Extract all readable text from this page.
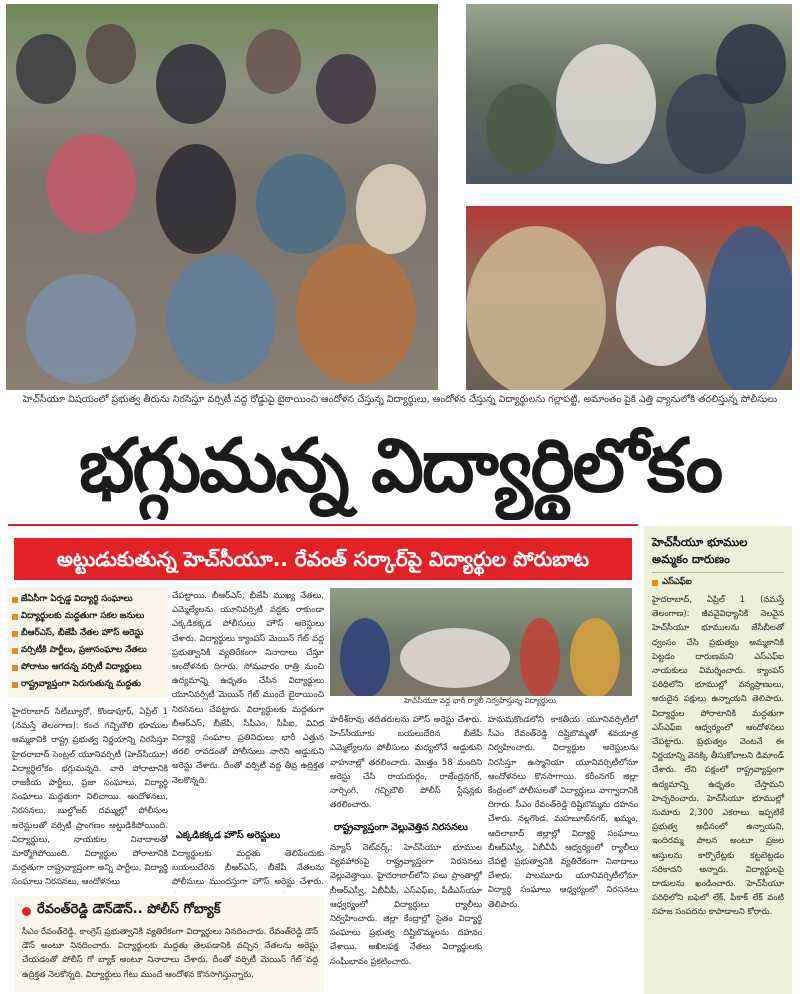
హెచ్‌సీయూ విషయంలో ప్రభుత్వ తీరును నిరసిస్తూ వర్సిటీ వద్ద రోడ్డుపై బైఠాయించి ఆందోళన చేస్తున్న విద్యార్థులు, ఆందోళన చేస్తున్న విద్యార్థులను గల్లాపట్టి, అమాంతం పైకి ఎత్తి వ్యానులోకి తరలిస్తున్న పోలీసులు
భగ్గుమన్న విద్యార్థిలోకం
అట్టుడుకుతున్న హెచ్‌సీయూ.. రేవంత్ సర్కార్‌పై విద్యార్థుల పోరుబాట
జేఏసీగా ఏర్పడ్డ విద్యార్థి సంఘాలు
విద్యార్థులకు మద్దతుగా సకల జనులు
బీఆర్‌ఎస్, బీజేపీ నేతల హౌస్ అరెస్టు
వర్సిటీకి పార్టీలు, ప్రజాసంఘాల నేతలు
పోరాటం ఆగదన్న వర్సిటీ విద్యార్థులు
రాష్ట్రవ్యాప్తంగా పెరుగుతున్న మద్దతు
హైదరాబాద్ సిటీబ్యూరో, కొండాపూర్, ఏప్రిల్ 1 (నమస్తే తెలంగాణ): కంచ గచ్చిబౌలి భూముల అమ్మకానికి రాష్ట్ర ప్రభుత్వ నిర్ణయాన్ని నిరసిస్తూ హైదరాబాద్ సెంట్రల్ యూనివర్సిటీ (హెచ్‌సీయూ) విద్యార్థిలోకం భగ్గుమన్నది. వారి పోరాటానికి రాజకీయ పార్టీలు, ప్రజా సంఘాలు, విద్యార్థి సంఘాలు మద్దతుగా నిలిచాయి. ఆందోళనలు, నిరసనలు, బుల్డోజర్ దమ్ముల్లో పోలీసుల అరెస్టులతో వర్సిటీ ప్రాంగణం అట్టుడికిపోయింది. విద్యార్థులు, నాయకుల నినాదాలతో మార్మోగిపోయింది. విద్యార్థుల పోరాటానికి మద్దతుగా రాష్ట్రవ్యాప్తంగా అన్ని పార్టీలు, విద్యార్థి సంఘాలు నిరసనలు, ఆందోళనలు
చేపట్టాయి. బీఆర్‌ఎస్, బీజేపీ ముఖ్య నేతలు, ఎమ్మెల్యేలను యూనివర్సిటీ వద్దకు రాకుండా ఎక్కడికక్కడ పోలీసులు హౌస్ అరెస్టులు చేశారు. విద్యార్థులు క్యాంపస్ మెయిన్ గేట్ వద్ద ప్రభుత్వానికి వ్యతిరేకంగా నినాదాలు చేస్తూ ఆందోళనకు దిగారు. సోమవారం రాత్రి నుంచి ఉద్యమాన్ని ఉధృతం చేసిన విద్యార్థులు యూనివర్సిటీ మెయిన్ గేట్ ముందే బైఠాయించి నిరసనలు చేపట్టారు. విద్యార్థులకు మద్దతుగా బీఆర్‌ఎస్, బీజేపీ, సీపీఎం, సీపీఐ, వివిధ విద్యార్థి సంఘాల ప్రతినిధులు భారీ ఎత్తున తరలి రావడంతో పోలీసులు వారిని అడ్డుకుని అరెస్టు చేశారు. దీంతో వర్సిటీ వద్ద తీవ్ర ఉద్రిక్తత నెలకొన్నది.
ఎక్కడికక్కడ హౌస్ అరెస్టులు
విద్యార్థులకు మద్దతు తెలిపేందుకు బయలుదేరిన బీఆర్‌ఎస్, బీజేపీ నేతలను పోలీసులు ముందస్తుగా హౌస్ అరెస్టు చేశారు.
హెచ్‌సీయూ వద్ద భారీ ర్యాలీ నిర్వహిస్తున్న విద్యార్థులు
హరీశ్‌రావు తదితరులను హౌస్ అరెస్టు చేశారు. హెచ్‌సీయూకు బయలుదేరిన బీజేపీ ఎమ్మెల్యేలను పోలీసులు మధ్యలోనే అడ్డుకుని వాహనాల్లో తరలించారు. మొత్తం 58 మందిని అరెస్టు చేసి రాయదుర్గం, రాజేంద్రనగర్, నార్సింగి, గచ్చిబౌలి పోలీస్ స్టేషన్లకు తరలించారు.
రాష్ట్రవ్యాప్తంగా వెల్లువెత్తిన నిరసనలు
న్యూస్ నెట్‌వర్క్: హెచ్‌సీయూ భూముల వ్యవహారంపై రాష్ట్రవ్యాప్తంగా నిరసనలు వెల్లువెత్తాయి. హైదరాబాద్‌లోని పలు ప్రాంతాల్లో బీఆర్‌ఎస్వీ, ఏబీవీపీ, ఎస్‌ఎఫ్‌ఐ, పీడీఎస్‌యూ ఆధ్వర్యంలో విద్యార్థులు ర్యాలీలు నిర్వహించారు. జిల్లా కేంద్రాల్లో సైతం విద్యార్థి సంఘాలు ప్రభుత్వ దిష్టిబొమ్మలను దహనం చేశాయి. అఖిలపక్ష నేతలు విద్యార్థులకు సంఘీభావం ప్రకటించారు.
హనుమకొండలోని కాకతీయ యూనివర్సిటీలో సీఎం రేవంత్‌రెడ్డి దిష్టిబొమ్మతో శవయాత్ర నిర్వహించారు. విద్యార్థుల అరెస్టులను నిరసిస్తూ ఉస్మానియా యూనివర్సిటీలోనూ ఆందోళనలు కొనసాగాయి. కరీంనగర్ జిల్లా కేంద్రంలో పోలీసులతో విద్యార్థులు వాగ్వాదానికి దిగారు. సీఎం రేవంత్‌రెడ్డి దిష్టిబొమ్మను దహనం చేశారు. నల్లగొండ, మహబూబ్‌నగర్, ఖమ్మం, ఆదిలాబాద్ జిల్లాల్లో విద్యార్థి సంఘాలు బీఆర్‌ఎస్వీ, ఏబీవీపీ ఆధ్వర్యంలో ర్యాలీలు చేపట్టి ప్రభుత్వానికి వ్యతిరేకంగా నినాదాలు చేశారు. పాలమూరు యూనివర్సిటీలోనూ విద్యార్థి సంఘాలు ఆధ్వర్యంలో నిరసనలు తెలిపారు.
రేవంత్‌రెడ్డి డౌన్‌డౌన్.. పోలీస్ గోబ్యాక్
సీఎం రేవంత్‌రెడ్డి, కాంగ్రెస్ ప్రభుత్వానికి వ్యతిరేకంగా విద్యార్థులు నినదించారు. రేవంత్‌రెడ్డి డౌన్ డౌన్ అంటూ నినదించారు. విద్యార్థులకు మద్దతు తెలపడానికి వచ్చిన నేతలను అరెస్టు చేయడంతో పోలీస్ గో బ్యాక్ అంటూ నినాదాలు చేశారు. దీంతో వర్సిటీ మెయిన్ గేట్ వద్ద ఉద్రిక్తత నెలకొన్నది. విద్యార్థులు గేటు ముందే ఆందోళన కొనసాగిస్తున్నారు.
హెచ్‌సీయూ భూముల అమ్మకం దారుణం
ఎస్‌ఎఫ్‌ఐ
హైదరాబాద్, ఏప్రిల్ 1 (నమస్తే తెలంగాణ): జీవవైవిధ్యానికి నెలవైన హెచ్‌సీయూ భూములను జేసీబీలతో ధ్వంసం చేసి ప్రభుత్వం అమ్మకానికి పెట్టడం దారుణమని ఎస్‌ఎఫ్‌ఐ నాయకులు విమర్శించారు. క్యాంపస్ పరిధిలోని భూముల్లో వన్యప్రాణులు, అరుదైన పక్షులు ఉన్నాయని తెలిపారు. విద్యార్థుల పోరాటానికి మద్దతుగా ఎస్‌ఎఫ్‌ఐ ఆధ్వర్యంలో ఆందోళనలు చేపట్టారు. ప్రభుత్వం వెంటనే ఈ నిర్ణయాన్ని వెనక్కి తీసుకోవాలని డిమాండ్ చేశారు. లేని పక్షంలో రాష్ట్రవ్యాప్తంగా ఉద్యమాన్ని ఉధృతం చేస్తామని హెచ్చరించారు. హెచ్‌సీయూ భూముల్లో సుమారు 2,300 ఎకరాలు ఇప్పటికే ప్రభుత్వ అధీనంలో ఉన్నాయని, ఇందిరమ్మ పాలన అంటూ ప్రజల ఆస్తులను కార్పొరేట్లకు కట్టబెట్టడం సరికాదని అన్నారు. విద్యార్థులపై దాడులను ఖండించారు. హెచ్‌సీయూ పరిధిలోని బఫెలో లేక్, పీకాక్ లేక్ వంటి సహజ సంపదను కాపాడాలని కోరారు.
